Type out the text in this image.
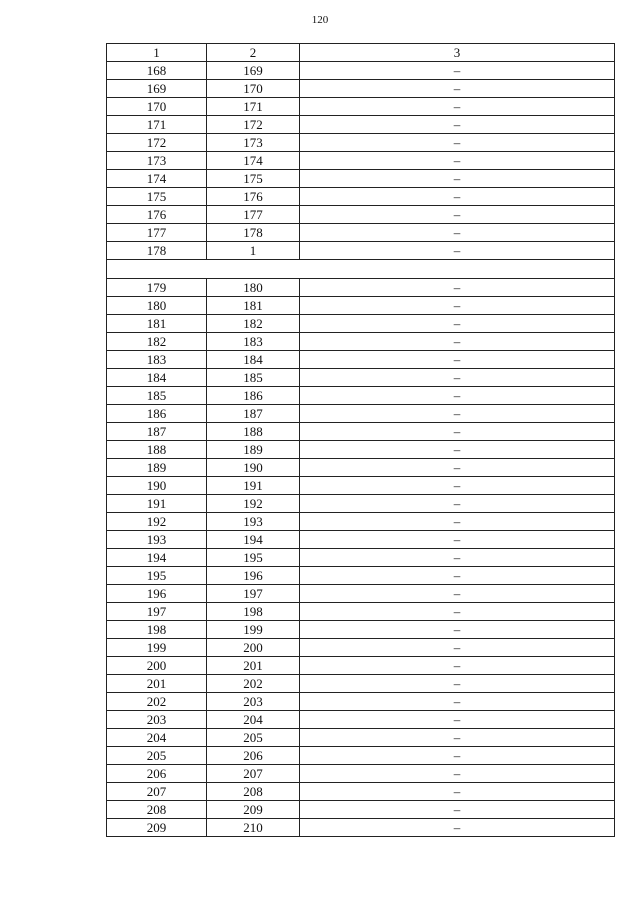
120
1	2	3
168	169	–
169	170	–
170	171	–
171	172	–
172	173	–
173	174	–
174	175	–
175	176	–
176	177	–
177	178	–
178	1	–

179	180	–
180	181	–
181	182	–
182	183	–
183	184	–
184	185	–
185	186	–
186	187	–
187	188	–
188	189	–
189	190	–
190	191	–
191	192	–
192	193	–
193	194	–
194	195	–
195	196	–
196	197	–
197	198	–
198	199	–
199	200	–
200	201	–
201	202	–
202	203	–
203	204	–
204	205	–
205	206	–
206	207	–
207	208	–
208	209	–
209	210	–
